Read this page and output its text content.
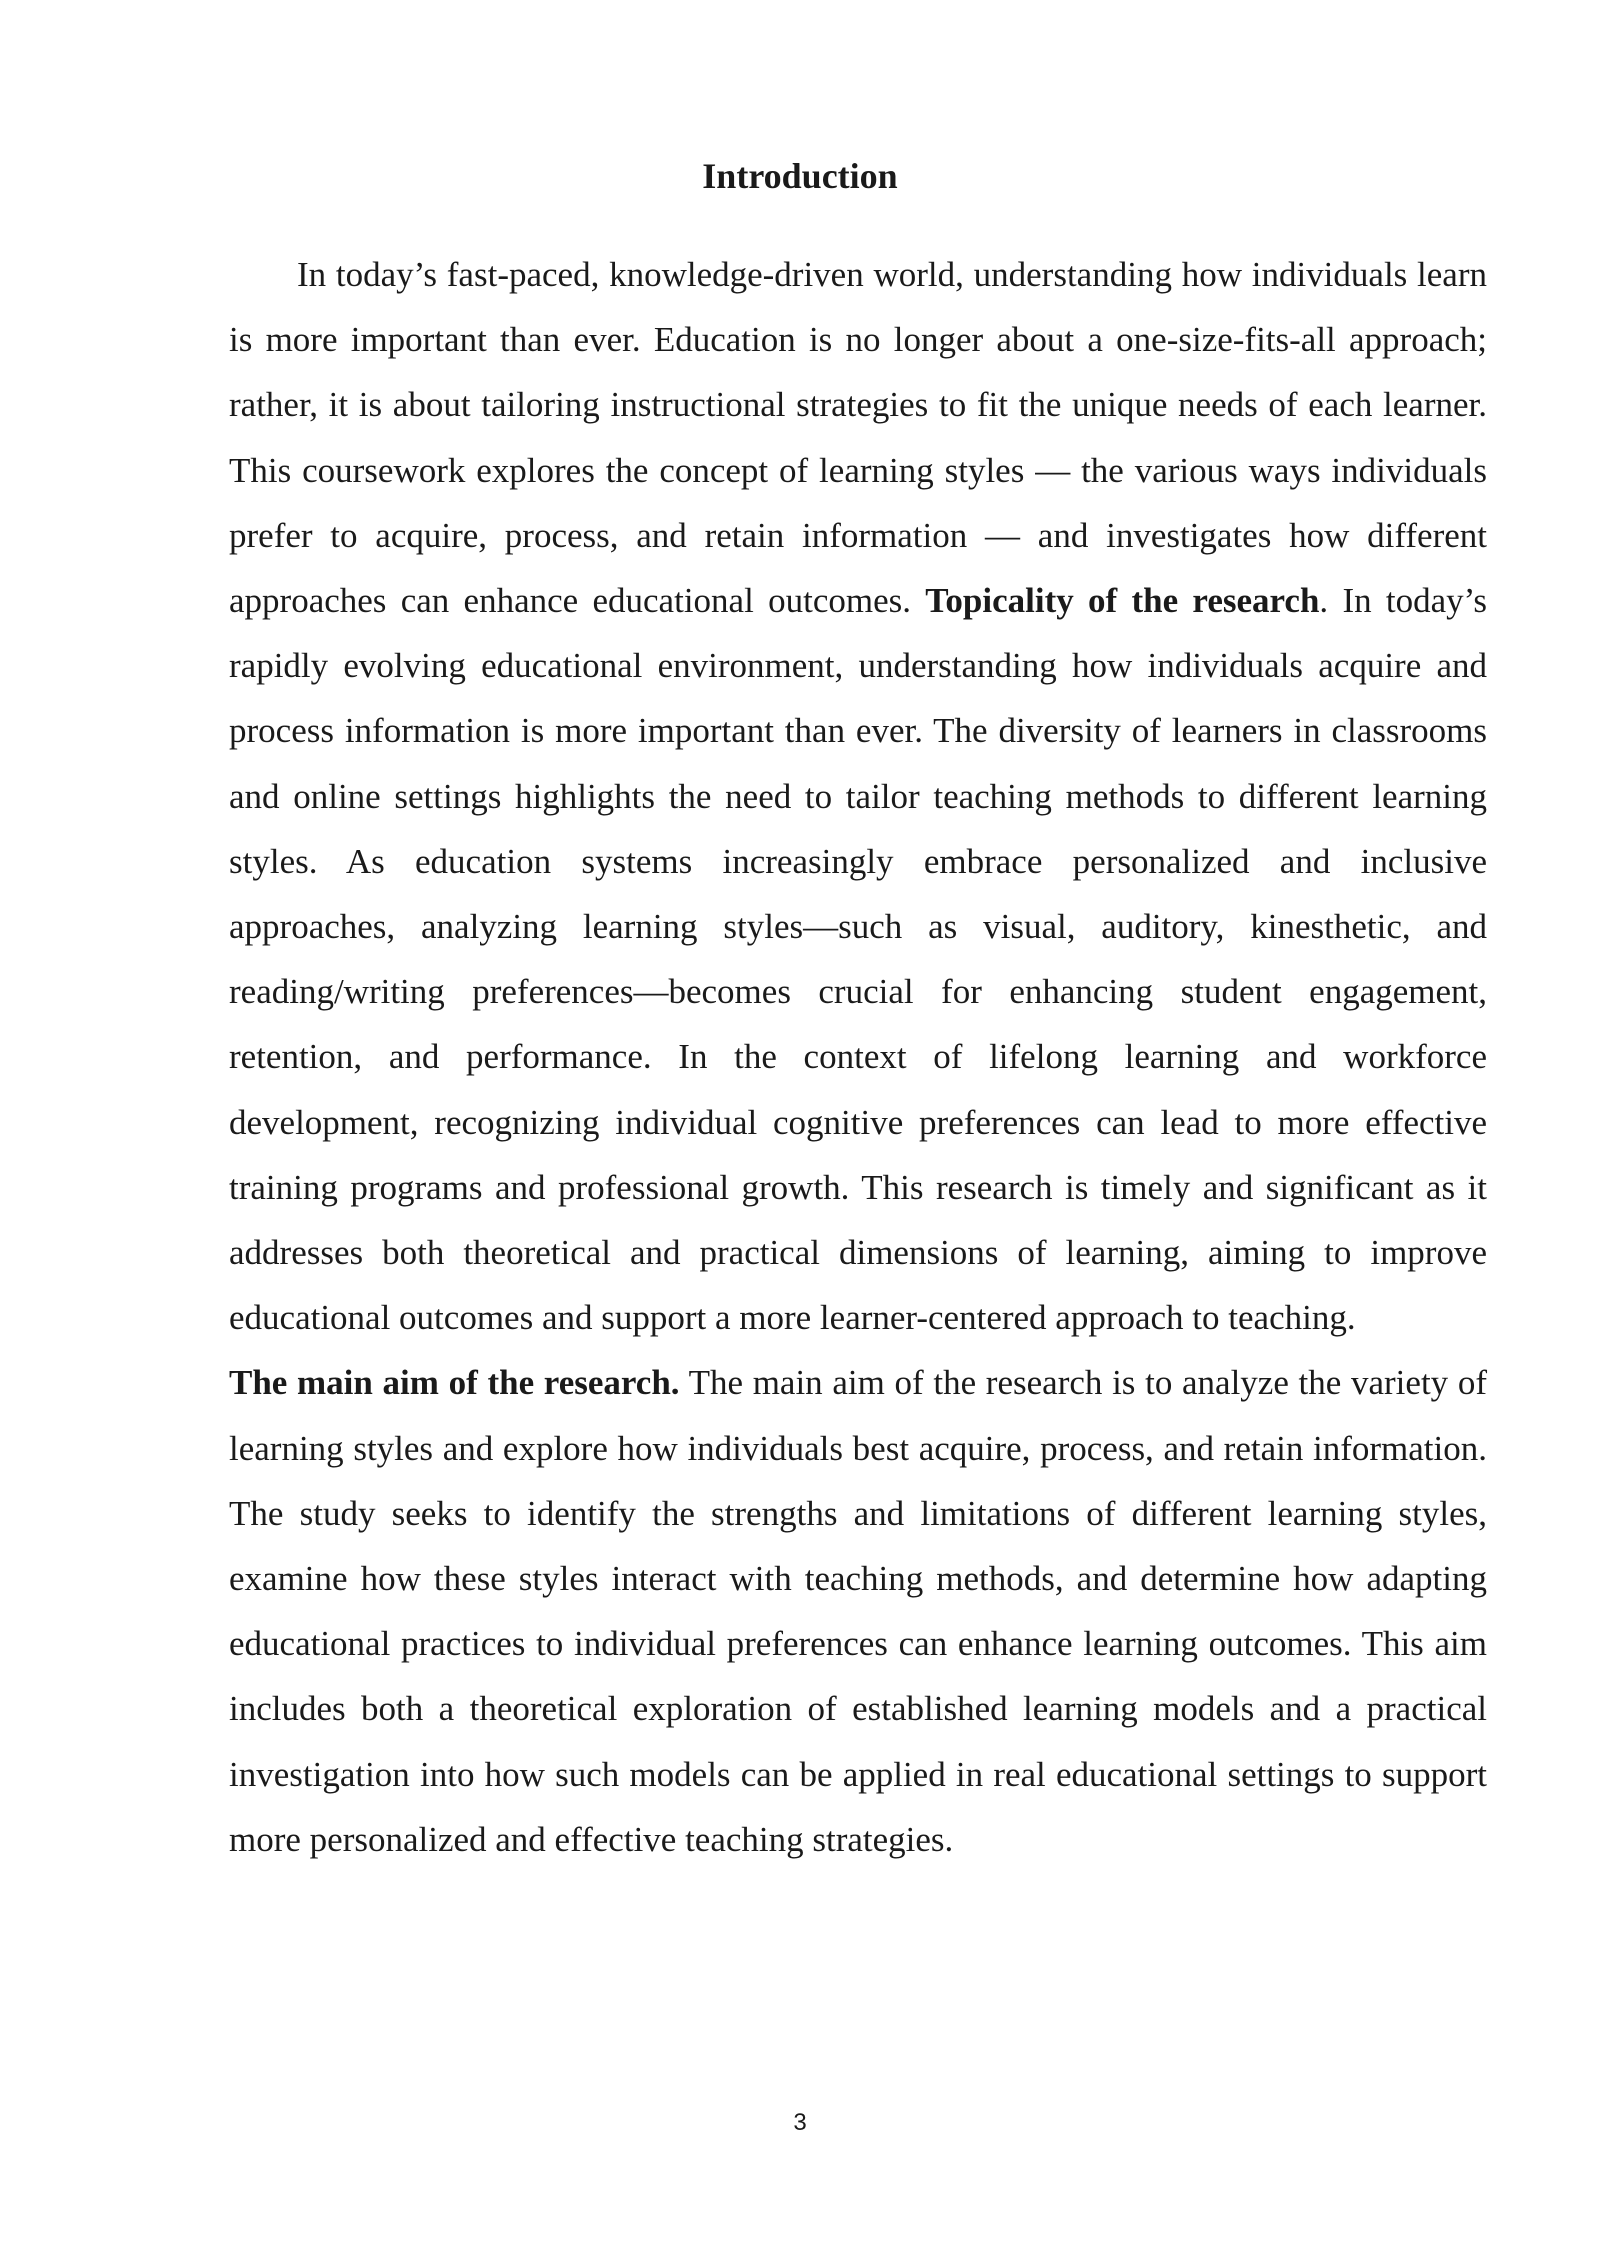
Introduction

In today’s fast-paced, knowledge-driven world, understanding how individuals learn is more important than ever. Education is no longer about a one-size-fits-all approach; rather, it is about tailoring instructional strategies to fit the unique needs of each learner. This coursework explores the concept of learning styles — the various ways individuals prefer to acquire, process, and retain information — and investigates how different approaches can enhance educational outcomes. Topicality of the research. In today’s rapidly evolving educational environment, understanding how individuals acquire and process information is more important than ever. The diversity of learners in classrooms and online settings highlights the need to tailor teaching methods to different learning styles. As education systems increasingly embrace personalized and inclusive approaches, analyzing learning styles—such as visual, auditory, kinesthetic, and reading/writing preferences—becomes crucial for enhancing student engagement, retention, and performance. In the context of lifelong learning and workforce development, recognizing individual cognitive preferences can lead to more effective training programs and professional growth. This research is timely and significant as it addresses both theoretical and practical dimensions of learning, aiming to improve educational outcomes and support a more learner-centered approach to teaching.

The main aim of the research. The main aim of the research is to analyze the variety of learning styles and explore how individuals best acquire, process, and retain information. The study seeks to identify the strengths and limitations of different learning styles, examine how these styles interact with teaching methods, and determine how adapting educational practices to individual preferences can enhance learning outcomes. This aim includes both a theoretical exploration of established learning models and a practical investigation into how such models can be applied in real educational settings to support more personalized and effective teaching strategies.

3
